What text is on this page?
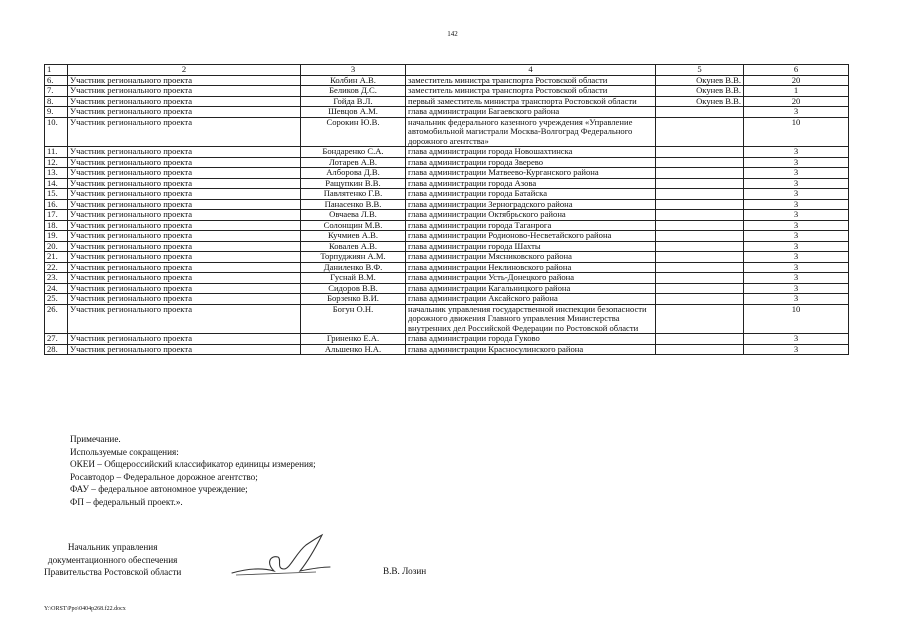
142
1	2	3	4	5	6
6.	Участник регионального проекта	Колбин А.В.	заместитель министра транспорта Ростовской области	Окунев В.В.	20
7.	Участник регионального проекта	Беликов Д.С.	заместитель министра транспорта Ростовской области	Окунев В.В.	1
8.	Участник регионального проекта	Гойда В.Л.	первый заместитель министра транспорта Ростовской области	Окунев В.В.	20
9.	Участник регионального проекта	Шевцов А.М.	глава администрации Багаевского района		3
10.	Участник регионального проекта	Сорокин Ю.В.	начальник федерального казенного учреждения «Управление автомобильной магистрали Москва-Волгоград Федерального дорожного агентства»		10
11.	Участник регионального проекта	Бондаренко С.А.	глава администрации города Новошахтинска		3
12.	Участник регионального проекта	Лотарев А.В.	глава администрации города Зверево		3
13.	Участник регионального проекта	Алборова Д.В.	глава администрации Матвеево-Курганского района		3
14.	Участник регионального проекта	Ращупкин В.В.	глава администрации города Азова		3
15.	Участник регионального проекта	Павлятенко Г.В.	глава администрации города Батайска		3
16.	Участник регионального проекта	Панасенко В.В.	глава администрации Зерноградского района		3
17.	Участник регионального проекта	Овчаева Л.В.	глава администрации Октябрьского района		3
18.	Участник регионального проекта	Солонщин М.В.	глава администрации города Таганрога		3
19.	Участник регионального проекта	Кучмиев А.В.	глава администрации Родионово-Несветайского района		3
20.	Участник регионального проекта	Ковалев А.В.	глава администрации города Шахты		3
21.	Участник регионального проекта	Торпуджиян А.М.	глава администрации Мясниковского района		3
22.	Участник регионального проекта	Даниленко В.Ф.	глава администрации Неклиновского района		3
23.	Участник регионального проекта	Гуснай В.М.	глава администрации Усть-Донецкого района		3
24.	Участник регионального проекта	Сидоров В.В.	глава администрации Кагальницкого района		3
25.	Участник регионального проекта	Борзенко В.И.	глава администрации Аксайского района		3
26.	Участник регионального проекта	Богун О.Н.	начальник управления государственной инспекции безопасности дорожного движения Главного управления Министерства внутренних дел Российской Федерации по Ростовской области		10
27.	Участник регионального проекта	Гриненко Е.А.	глава администрации города Гуково		3
28.	Участник регионального проекта	Альшенко Н.А.	глава администрации Красносулинского района		3
Примечание.
Используемые сокращения:
ОКЕИ – Общероссийский классификатор единицы измерения;
Росавтодор – Федеральное дорожное агентство;
ФАУ – федеральное автономное учреждение;
ФП – федеральный проект.».
Начальник управления
документационного обеспечения
Правительства Ростовской области	В.В. Лозин
Y:\ORST\Ppo\0404p268.f22.docx
